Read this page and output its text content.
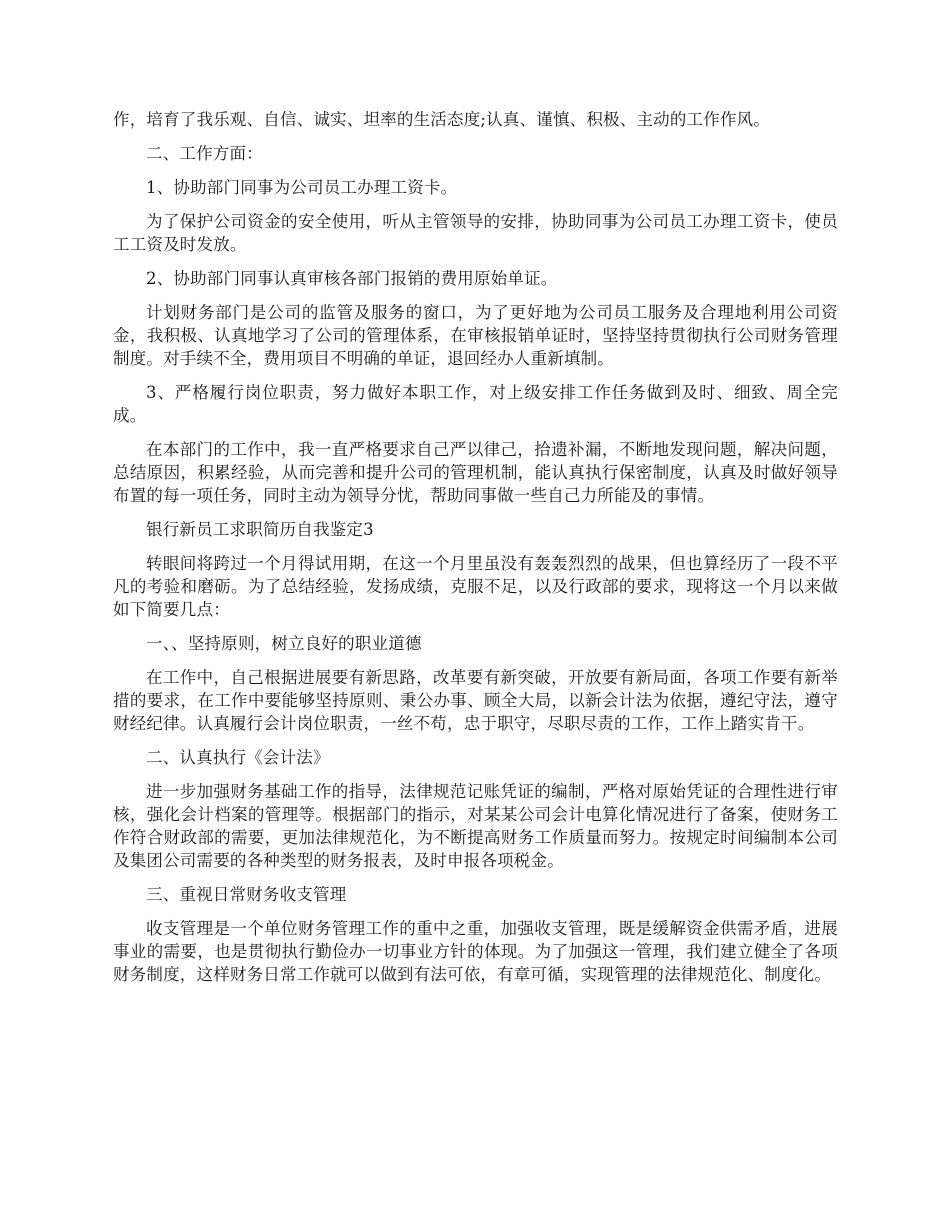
作，培育了我乐观、自信、诚实、坦率的生活态度;认真、谨慎、积极、主动的工作作风。

二、工作方面：

1、协助部门同事为公司员工办理工资卡。

为了保护公司资金的安全使用，听从主管领导的安排，协助同事为公司员工办理工资卡，使员工工资及时发放。

2、协助部门同事认真审核各部门报销的费用原始单证。

计划财务部门是公司的监管及服务的窗口，为了更好地为公司员工服务及合理地利用公司资金，我积极、认真地学习了公司的管理体系，在审核报销单证时，坚持坚持贯彻执行公司财务管理制度。对手续不全，费用项目不明确的单证，退回经办人重新填制。

3、严格履行岗位职责，努力做好本职工作，对上级安排工作任务做到及时、细致、周全完成。

在本部门的工作中，我一直严格要求自己严以律己，拾遗补漏，不断地发现问题，解决问题，总结原因，积累经验，从而完善和提升公司的管理机制，能认真执行保密制度，认真及时做好领导布置的每一项任务，同时主动为领导分忧，帮助同事做一些自己力所能及的事情。

银行新员工求职简历自我鉴定3

转眼间将跨过一个月得试用期，在这一个月里虽没有轰轰烈烈的战果，但也算经历了一段不平凡的考验和磨砺。为了总结经验，发扬成绩，克服不足，以及行政部的要求，现将这一个月以来做如下简要几点：

一、、坚持原则，树立良好的职业道德

在工作中，自己根据进展要有新思路，改革要有新突破，开放要有新局面，各项工作要有新举措的要求，在工作中要能够坚持原则、秉公办事、顾全大局，以新会计法为依据，遵纪守法，遵守财经纪律。认真履行会计岗位职责，一丝不苟，忠于职守，尽职尽责的工作，工作上踏实肯干。

二、认真执行《会计法》

进一步加强财务基础工作的指导，法律规范记账凭证的编制，严格对原始凭证的合理性进行审核，强化会计档案的管理等。根据部门的指示，对某某公司会计电算化情况进行了备案，使财务工作符合财政部的需要，更加法律规范化，为不断提高财务工作质量而努力。按规定时间编制本公司及集团公司需要的各种类型的财务报表，及时申报各项税金。

三、重视日常财务收支管理

收支管理是一个单位财务管理工作的重中之重，加强收支管理，既是缓解资金供需矛盾，进展事业的需要，也是贯彻执行勤俭办一切事业方针的体现。为了加强这一管理，我们建立健全了各项财务制度，这样财务日常工作就可以做到有法可依，有章可循，实现管理的法律规范化、制度化。
